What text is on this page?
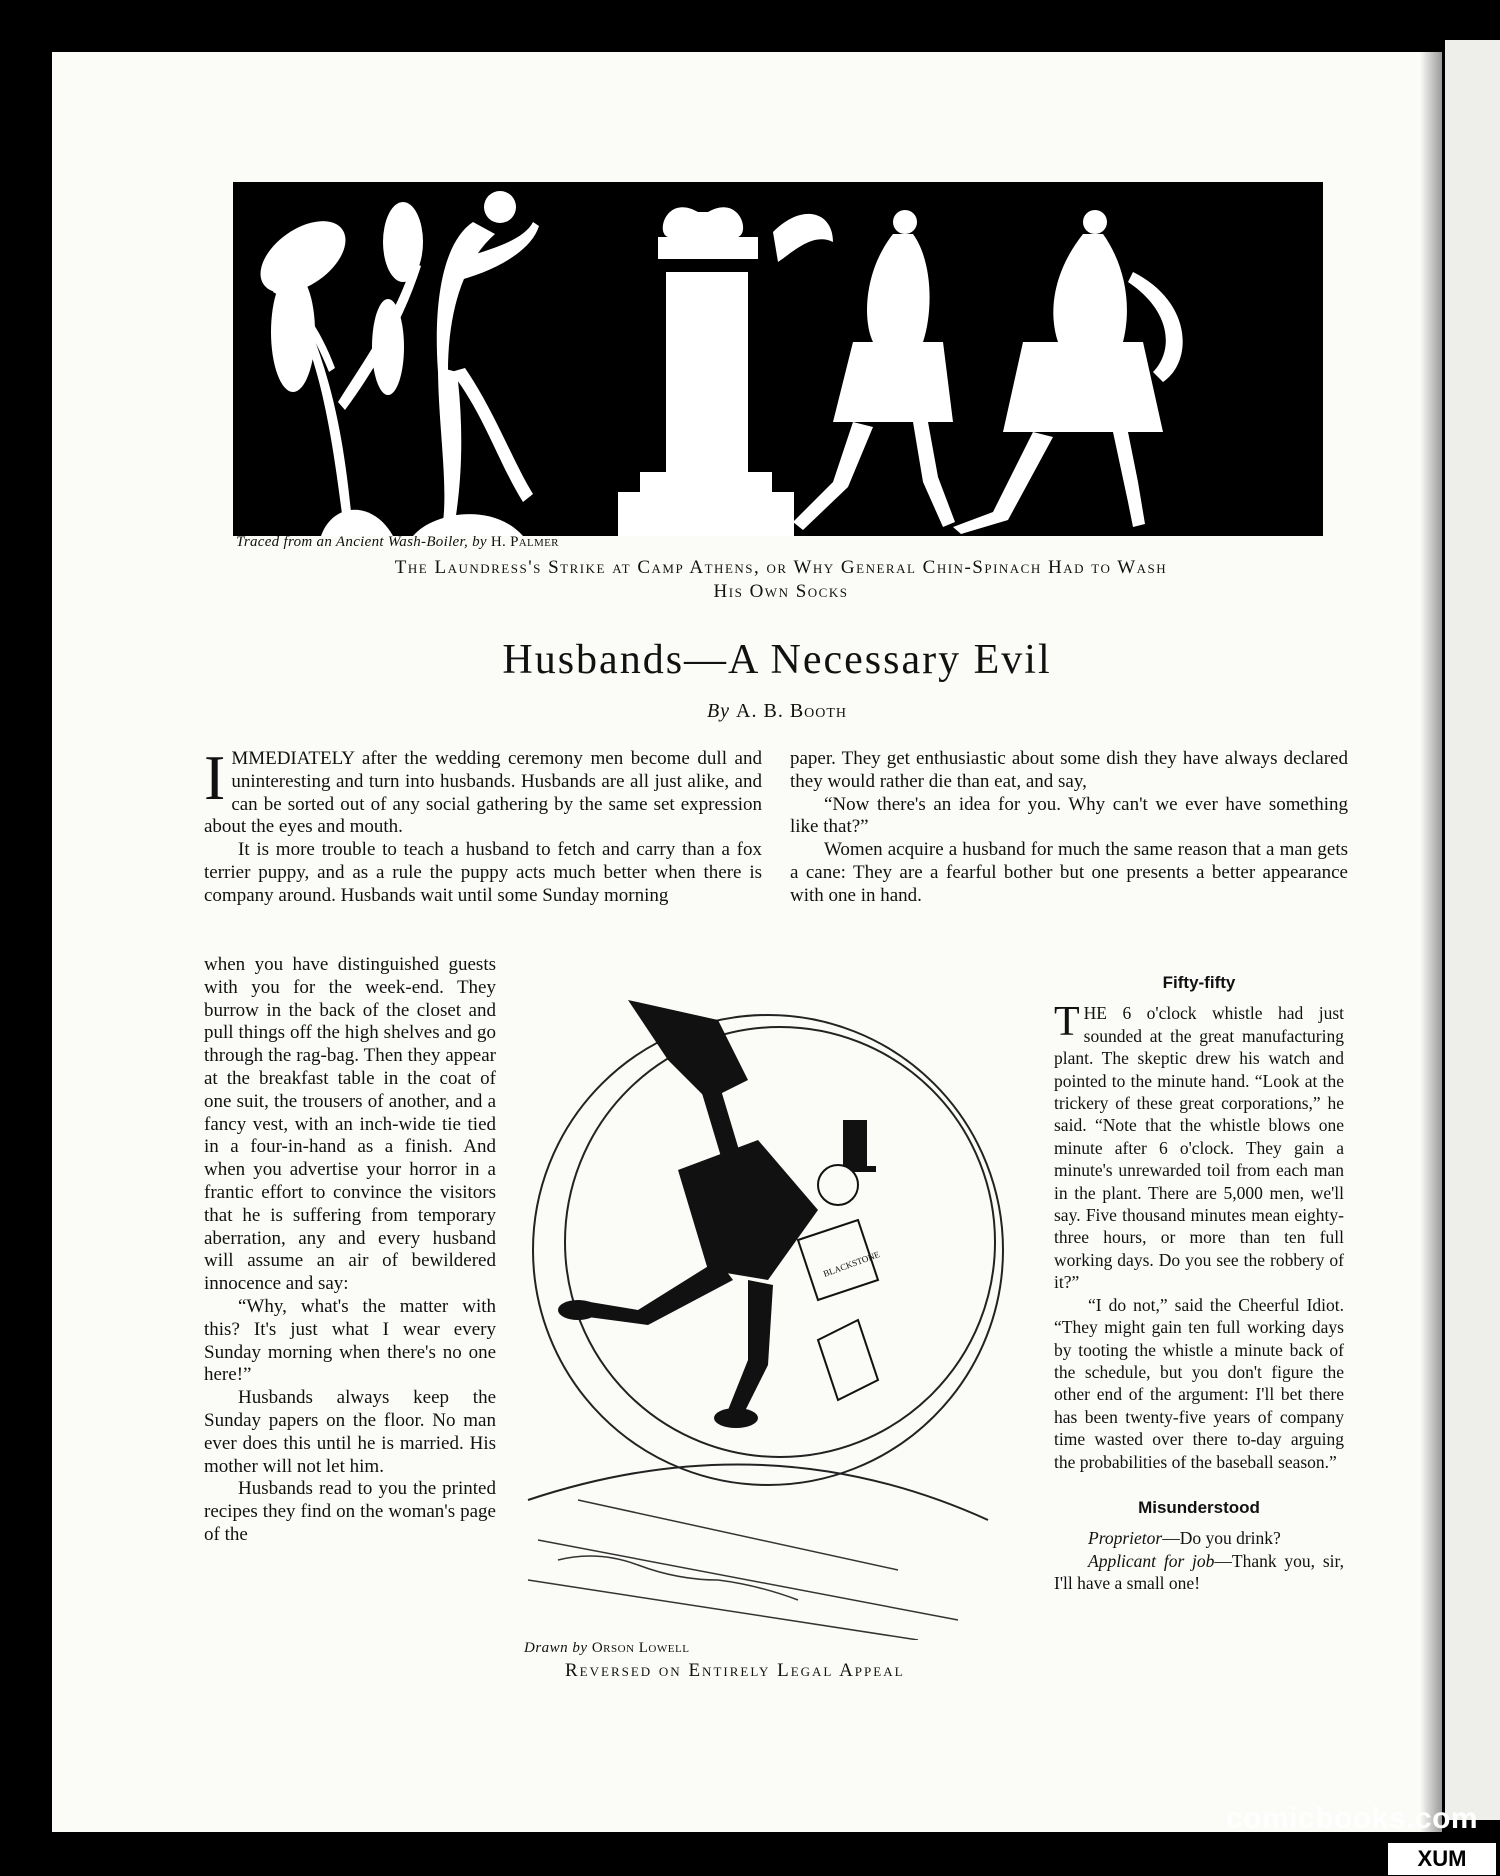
Traced from an Ancient Wash-Boiler, by H. Palmer
The Laundress's Strike at Camp Athens, or Why General Chin-Spinach Had to Wash
His Own Socks
Husbands—A Necessary Evil
By A. B. Booth

IMMEDIATELY after the wedding ceremony men become dull and uninteresting and turn into husbands. Husbands are all just alike, and can be sorted out of any social gathering by the same set expression about the eyes and mouth.

It is more trouble to teach a husband to fetch and carry than a fox terrier puppy, and as a rule the puppy acts much better when there is company around. Husbands wait until some Sunday morning

when you have distinguished guests with you for the week-end. They burrow in the back of the closet and pull things off the high shelves and go through the rag-bag. Then they appear at the breakfast table in the coat of one suit, the trousers of another, and a fancy vest, with an inch-wide tie tied in a four-in-hand as a finish. And when you advertise your horror in a frantic effort to convince the visitors that he is suffering from temporary aberration, any and every husband will assume an air of bewildered innocence and say:

“Why, what's the matter with this? It's just what I wear every Sunday morning when there's no one here!”

Husbands always keep the Sunday papers on the floor. No man ever does this until he is married. His mother will not let him.

Husbands read to you the printed recipes they find on the woman's page of the

paper. They get enthusiastic about some dish they have always declared they would rather die than eat, and say,

“Now there's an idea for you. Why can't we ever have something like that?”

Women acquire a husband for much the same reason that a man gets a cane: They are a fearful bother but one presents a better appearance with one in hand.

BLACKSTONE
Drawn by Orson Lowell
Reversed on Entirely Legal Appeal
Fifty-fifty

THE 6 o'clock whistle had just sounded at the great manufacturing plant. The skeptic drew his watch and pointed to the minute hand. “Look at the trickery of these great corporations,” he said. “Note that the whistle blows one minute after 6 o'clock. They gain a minute's unrewarded toil from each man in the plant. There are 5,000 men, we'll say. Five thousand minutes mean eighty-three hours, or more than ten full working days. Do you see the robbery of it?”

“I do not,” said the Cheerful Idiot. “They might gain ten full working days by tooting the whistle a minute back of the schedule, but you don't figure the other end of the argument: I'll bet there has been twenty-five years of company time wasted over there to-day arguing the probabilities of the baseball season.”

Misunderstood

Proprietor—Do you drink?

Applicant for job—Thank you, sir, I'll have a small one!

comicbooks.com
XUM
